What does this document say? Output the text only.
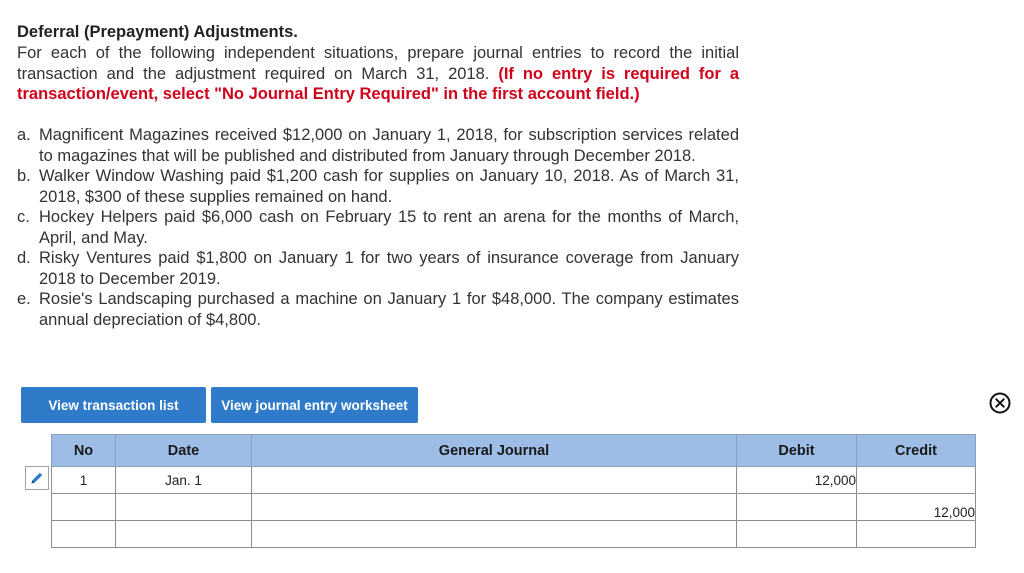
Deferral (Prepayment) Adjustments.
For each of the following independent situations, prepare journal entries to record the initial transaction and the adjustment required on March 31, 2018. (If no entry is required for a transaction/event, select "No Journal Entry Required" in the first account field.)
a. Magnificent Magazines received $12,000 on January 1, 2018, for subscription services related to magazines that will be published and distributed from January through December 2018.
b. Walker Window Washing paid $1,200 cash for supplies on January 10, 2018. As of March 31, 2018, $300 of these supplies remained on hand.
c. Hockey Helpers paid $6,000 cash on February 15 to rent an arena for the months of March, April, and May.
d. Risky Ventures paid $1,800 on January 1 for two years of insurance coverage from January 2018 to December 2019.
e. Rosie's Landscaping purchased a machine on January 1 for $48,000. The company estimates annual depreciation of $4,800.
View transaction list	View journal entry worksheet
No	Date	General Journal	Debit	Credit
1	Jan. 1		12,000	
				12,000
